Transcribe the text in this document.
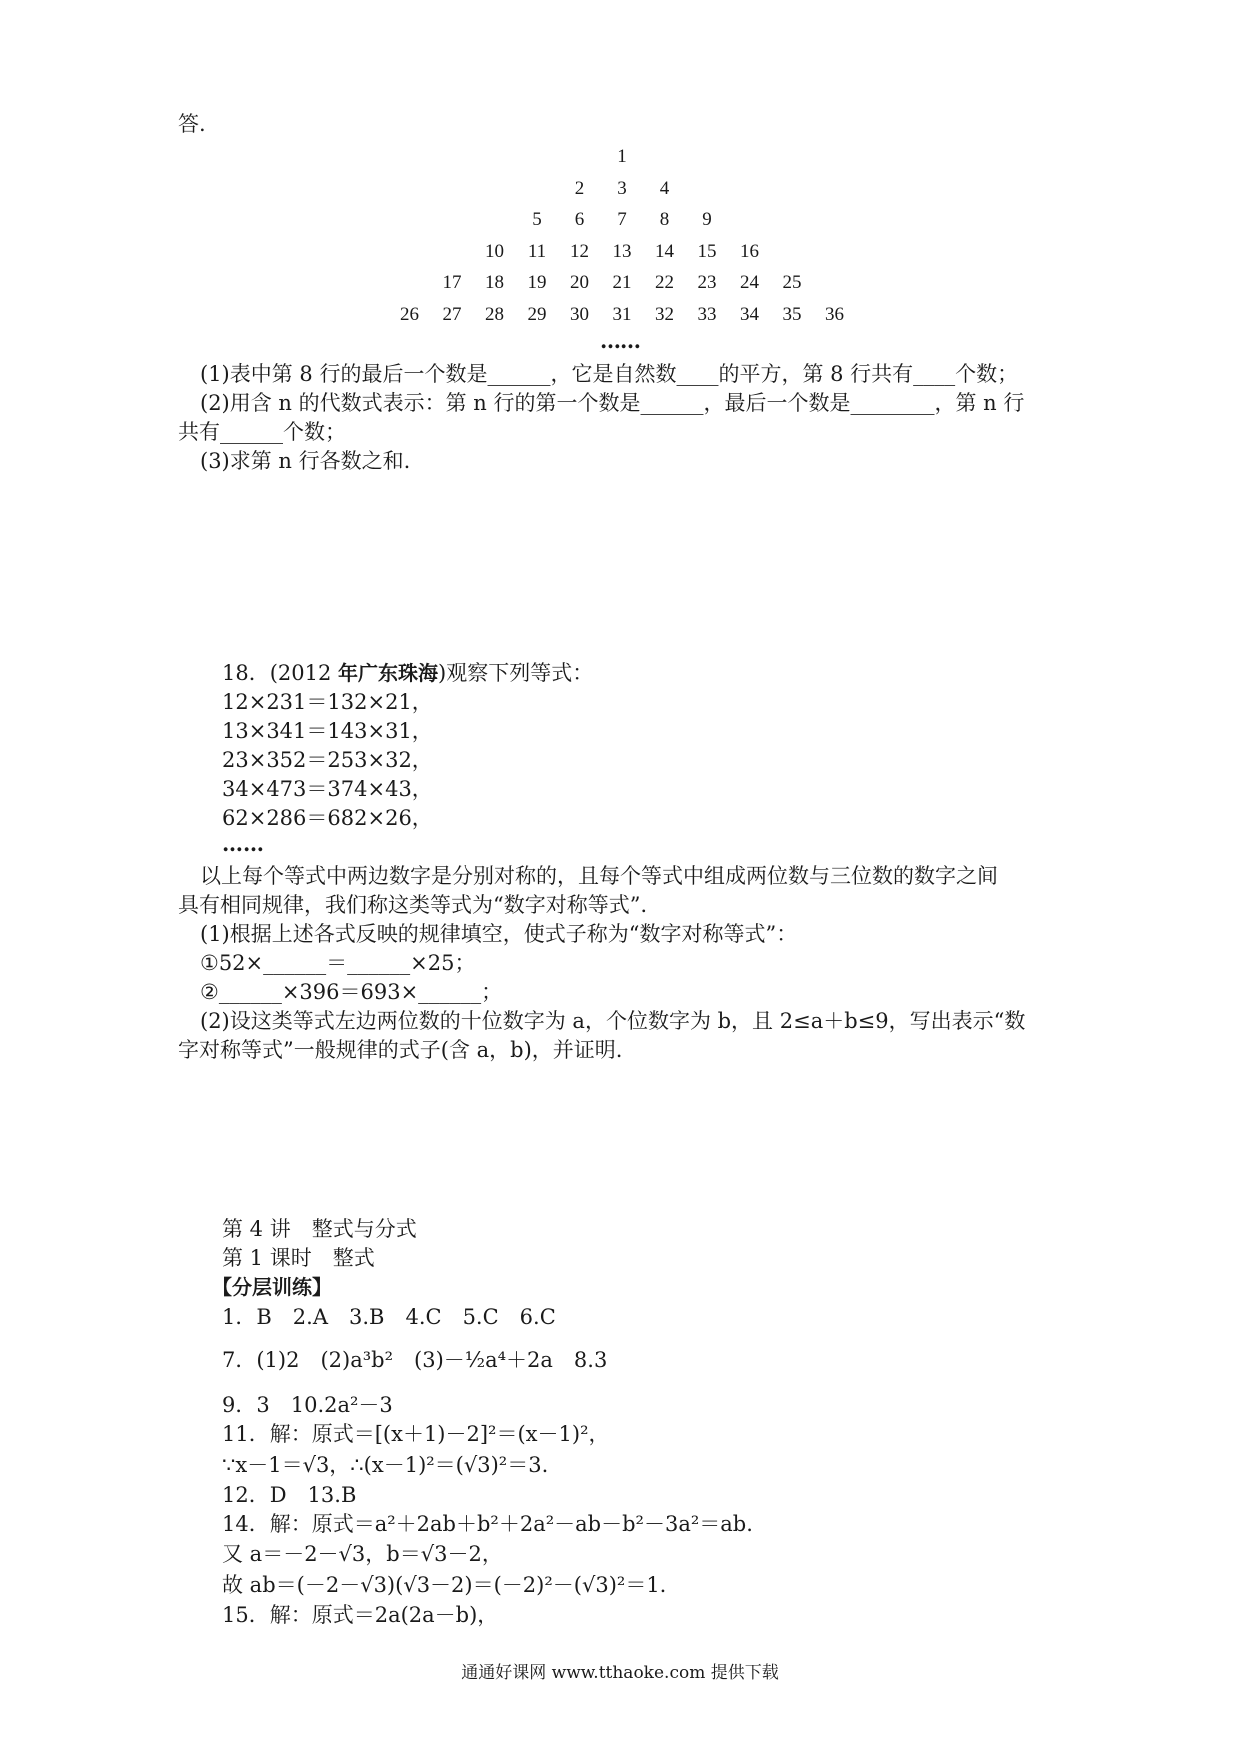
答.
1
2	3	4
5	6	7	8	9
10	11	12	13	14	15	16
17	18	19	20	21	22	23	24	25
26	27	28	29	30	31	32	33	34	35	36
……
(1)表中第 8 行的最后一个数是______，它是自然数____的平方，第 8 行共有____个数；
(2)用含 n 的代数式表示：第 n 行的第一个数是______，最后一个数是________，第 n 行
共有______个数；
(3)求第 n 行各数之和.
18．(2012 年广东珠海)观察下列等式：
12×231＝132×21，
13×341＝143×31，
23×352＝253×32，
34×473＝374×43，
62×286＝682×26，
……
以上每个等式中两边数字是分别对称的，且每个等式中组成两位数与三位数的数字之间
具有相同规律，我们称这类等式为“数字对称等式”．
(1)根据上述各式反映的规律填空，使式子称为“数字对称等式”：
①52×______＝______×25；
②______×396＝693×______；
(2)设这类等式左边两位数的十位数字为 a，个位数字为 b，且 2≤a＋b≤9，写出表示“数
字对称等式”一般规律的式子(含 a，b)，并证明.
第 4 讲　整式与分式
第 1 课时　整式
【分层训练】
1．B　2.A　3.B　4.C　5.C　6.C
7．(1)2　(2)a³b²　(3)－½a⁴＋2a　8.3
9．3　10.2a²－3
11．解：原式＝[(x＋1)－2]²＝(x－1)²，
∵x－1＝√3，∴(x－1)²＝(√3)²＝3.
12．D　13.B
14．解：原式＝a²＋2ab＋b²＋2a²－ab－b²－3a²＝ab.
又 a＝－2－√3，b＝√3－2，
故 ab＝(－2－√3)(√3－2)＝(－2)²－(√3)²＝1.
15．解：原式＝2a(2a－b)，
通通好课网 www.tthaoke.com 提供下载
